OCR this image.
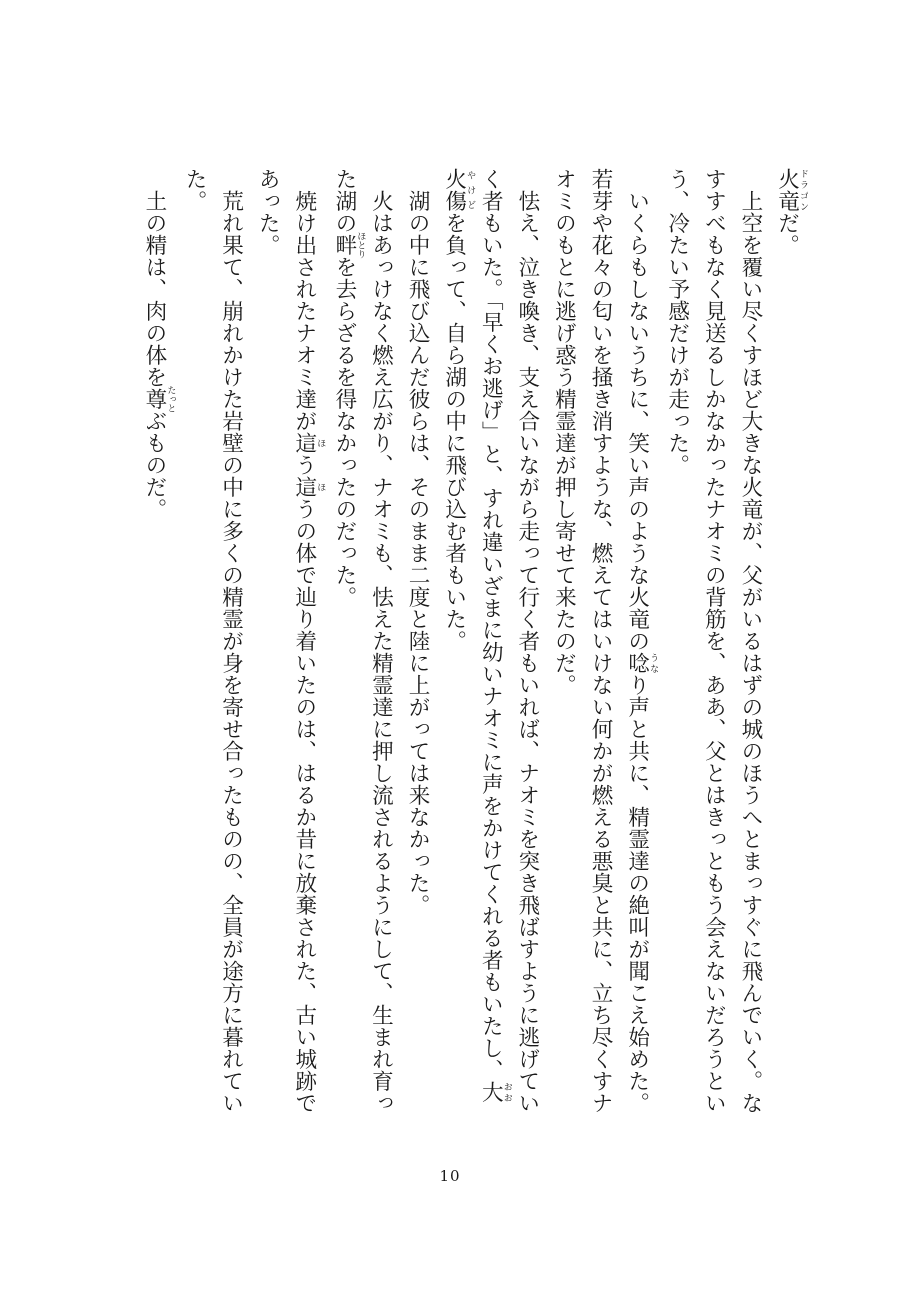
火竜ドラゴンだ。

上空を覆い尽くすほど大きな火竜が、父がいるはずの城のほうへとまっすぐに飛んでいく。なすすべもなく見送るしかなかったナオミの背筋を、ああ、父とはきっともう会えないだろうという、冷たい予感だけが走った。

いくらもしないうちに、笑い声のような火竜の唸うなり声と共に、精霊達の絶叫が聞こえ始めた。若芽や花々の匂いを掻き消すような、燃えてはいけない何かが燃える悪臭と共に、立ち尽くすナオミのもとに逃げ惑う精霊達が押し寄せて来たのだ。

怯え、泣き喚き、支え合いながら走って行く者もいれば、ナオミを突き飛ばすように逃げていく者もいた。「早くお逃げ」と、すれ違いざまに幼いナオミに声をかけてくれる者もいたし、大おお火傷やけどを負って、自ら湖の中に飛び込む者もいた。

湖の中に飛び込んだ彼らは、そのまま二度と陸に上がっては来なかった。

火はあっけなく燃え広がり、ナオミも、怯えた精霊達に押し流されるようにして、生まれ育った湖の畔ほとりを去らざるを得なかったのだった。

焼け出されたナオミ達が這ほう這ほうの体で辿り着いたのは、はるか昔に放棄された、古い城跡であった。

荒れ果て、崩れかけた岩壁の中に多くの精霊が身を寄せ合ったものの、全員が途方に暮れていた。

土の精は、肉の体を尊たっとぶものだ。

10
